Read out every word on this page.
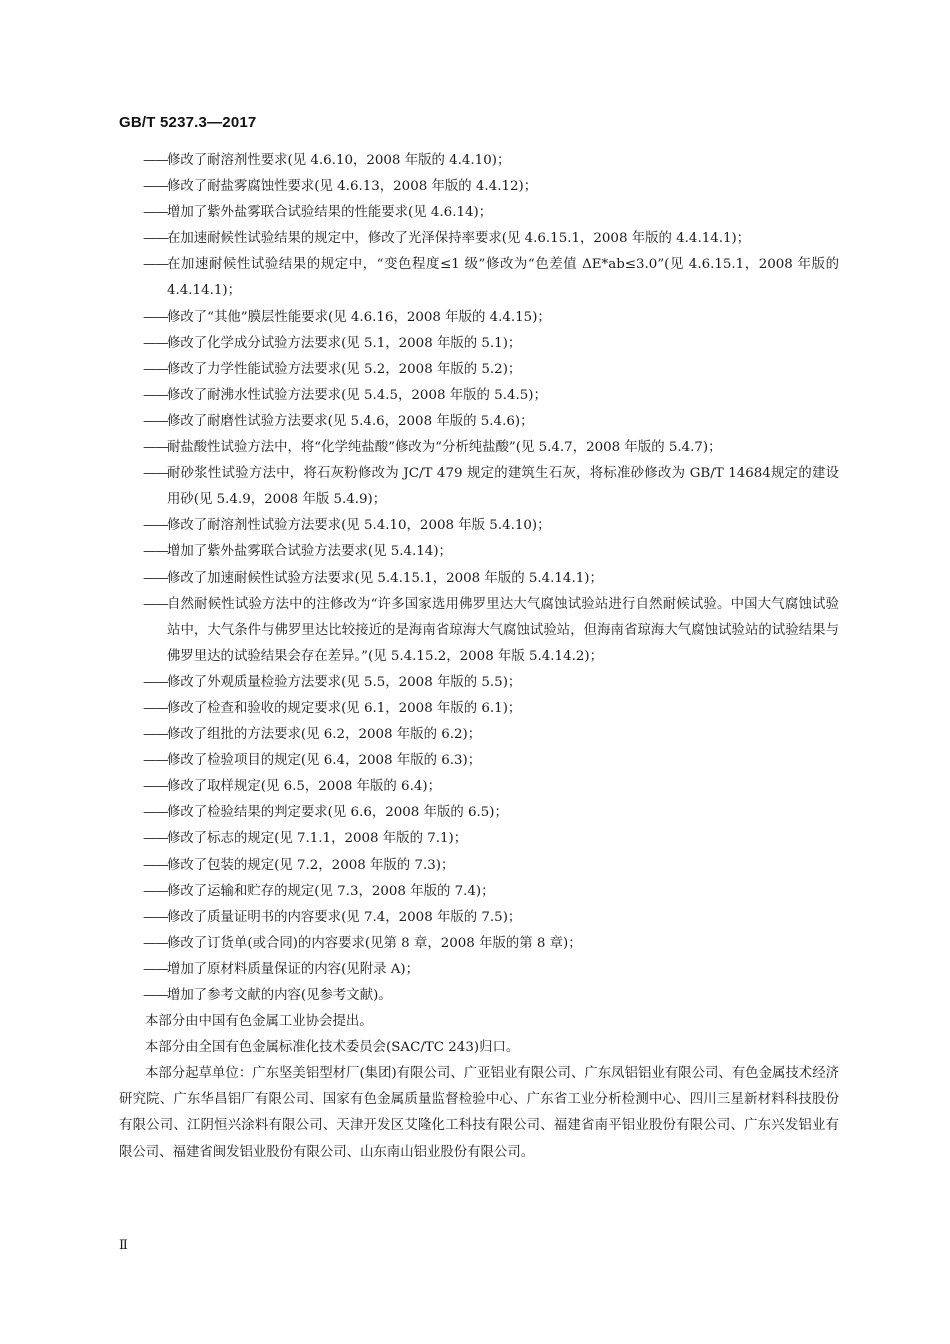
GB/T 5237.3—2017
—— 修改了耐溶剂性要求(见 4.6.10，2008 年版的 4.4.10)；
—— 修改了耐盐雾腐蚀性要求(见 4.6.13，2008 年版的 4.4.12)；
—— 增加了紫外盐雾联合试验结果的性能要求(见 4.6.14)；
—— 在加速耐候性试验结果的规定中，修改了光泽保持率要求(见 4.6.15.1，2008 年版的 4.4.14.1)；
—— 在加速耐候性试验结果的规定中，“变色程度≤1 级”修改为“色差值 ΔE*ab≤3.0”(见 4.6.15.1，2008 年版的 4.4.14.1)；
—— 修改了“其他”膜层性能要求(见 4.6.16，2008 年版的 4.4.15)；
—— 修改了化学成分试验方法要求(见 5.1，2008 年版的 5.1)；
—— 修改了力学性能试验方法要求(见 5.2，2008 年版的 5.2)；
—— 修改了耐沸水性试验方法要求(见 5.4.5，2008 年版的 5.4.5)；
—— 修改了耐磨性试验方法要求(见 5.4.6，2008 年版的 5.4.6)；
—— 耐盐酸性试验方法中，将“化学纯盐酸”修改为“分析纯盐酸”(见 5.4.7，2008 年版的 5.4.7)；
—— 耐砂浆性试验方法中，将石灰粉修改为 JC/T 479 规定的建筑生石灰，将标准砂修改为 GB/T 14684规定的建设用砂(见 5.4.9，2008 年版 5.4.9)；
—— 修改了耐溶剂性试验方法要求(见 5.4.10，2008 年版 5.4.10)；
—— 增加了紫外盐雾联合试验方法要求(见 5.4.14)；
—— 修改了加速耐候性试验方法要求(见 5.4.15.1，2008 年版的 5.4.14.1)；
—— 自然耐候性试验方法中的注修改为“许多国家选用佛罗里达大气腐蚀试验站进行自然耐候试验。中国大气腐蚀试验站中，大气条件与佛罗里达比较接近的是海南省琼海大气腐蚀试验站，但海南省琼海大气腐蚀试验站的试验结果与佛罗里达的试验结果会存在差异。”(见 5.4.15.2，2008 年版 5.4.14.2)；
—— 修改了外观质量检验方法要求(见 5.5，2008 年版的 5.5)；
—— 修改了检查和验收的规定要求(见 6.1，2008 年版的 6.1)；
—— 修改了组批的方法要求(见 6.2，2008 年版的 6.2)；
—— 修改了检验项目的规定(见 6.4，2008 年版的 6.3)；
—— 修改了取样规定(见 6.5，2008 年版的 6.4)；
—— 修改了检验结果的判定要求(见 6.6，2008 年版的 6.5)；
—— 修改了标志的规定(见 7.1.1，2008 年版的 7.1)；
—— 修改了包装的规定(见 7.2，2008 年版的 7.3)；
—— 修改了运输和贮存的规定(见 7.3，2008 年版的 7.4)；
—— 修改了质量证明书的内容要求(见 7.4，2008 年版的 7.5)；
—— 修改了订货单(或合同)的内容要求(见第 8 章，2008 年版的第 8 章)；
—— 增加了原材料质量保证的内容(见附录 A)；
—— 增加了参考文献的内容(见参考文献)。
本部分由中国有色金属工业协会提出。
本部分由全国有色金属标准化技术委员会(SAC/TC 243)归口。
本部分起草单位：广东坚美铝型材厂(集团)有限公司、广亚铝业有限公司、广东凤铝铝业有限公司、有色金属技术经济研究院、广东华昌铝厂有限公司、国家有色金属质量监督检验中心、广东省工业分析检测中心、四川三星新材料科技股份有限公司、江阴恒兴涂料有限公司、天津开发区艾隆化工科技有限公司、福建省南平铝业股份有限公司、广东兴发铝业有限公司、福建省闽发铝业股份有限公司、山东南山铝业股份有限公司。
Ⅱ
